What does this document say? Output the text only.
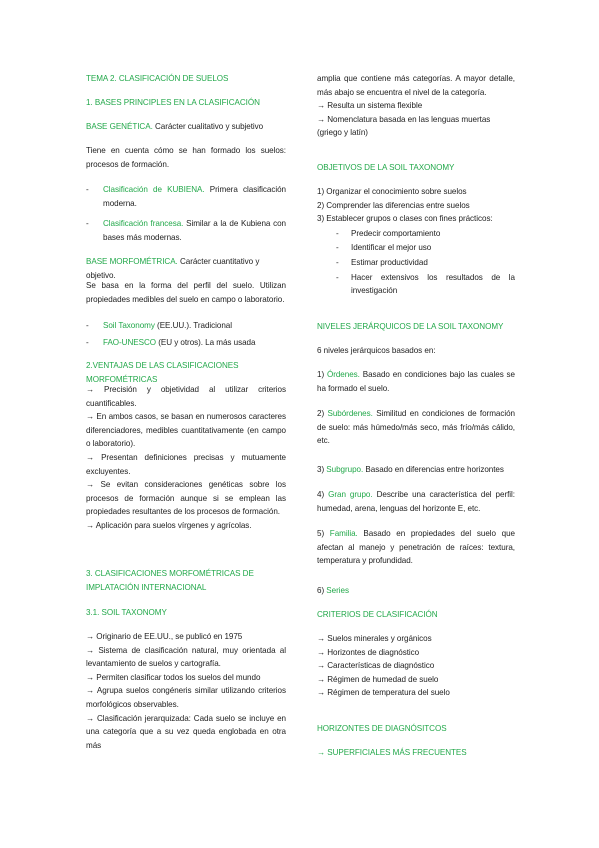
TEMA 2. CLASIFICACIÓN DE SUELOS

1. BASES PRINCIPLES EN LA CLASIFICACIÓN

BASE GENÉTICA. Carácter cualitativo y subjetivo

Tiene en cuenta cómo se han formado los suelos: procesos de formación.

- Clasificación de KUBIENA. Primera clasificación moderna.

- Clasificación francesa. Similar a la de Kubiena con bases más modernas.

BASE MORFOMÉTRICA. Carácter cuantitativo y objetivo.

Se basa en la forma del perfil del suelo. Utilizan propiedades medibles del suelo en campo o laboratorio.

- Soil Taxonomy (EE.UU.). Tradicional

- FAO-UNESCO (EU y otros). La más usada

2.VENTAJAS DE LAS CLASIFICACIONES MORFOMÉTRICAS

→ Precisión y objetividad al utilizar criterios cuantificables.

→ En ambos casos, se basan en numerosos caracteres diferenciadores, medibles cuantitativamente (en campo o laboratorio).

→ Presentan definiciones precisas y mutuamente excluyentes.

→ Se evitan consideraciones genéticas sobre los procesos de formación aunque si se emplean las propiedades resultantes de los procesos de formación.

→ Aplicación para suelos vírgenes y agrícolas.

3. CLASIFICACIONES MORFOMÉTRICAS DE IMPLATACIÓN INTERNACIONAL

3.1. SOIL TAXONOMY

→ Originario de EE.UU., se publicó en 1975

→ Sistema de clasificación natural, muy orientada al levantamiento de suelos y cartografía.

→ Permiten clasificar todos los suelos del mundo

→ Agrupa suelos congéneris similar utilizando criterios morfológicos observables.

→ Clasificación jerarquizada: Cada suelo se incluye en una categoría que a su vez queda englobada en otra más

amplia que contiene más categorías. A mayor detalle, más abajo se encuentra el nivel de la categoría.

→ Resulta un sistema flexible

→ Nomenclatura basada en las lenguas muertas (griego y latín)

OBJETIVOS DE LA SOIL TAXONOMY

1) Organizar el conocimiento sobre suelos

2) Comprender las diferencias entre suelos

3) Establecer grupos o clases con fines prácticos:

- Predecir comportamiento

- Identificar el mejor uso

- Estimar productividad

- Hacer extensivos los resultados de la investigación

NIVELES JERÁRQUICOS DE LA SOIL TAXONOMY

6 niveles jerárquicos basados en:

1) Órdenes. Basado en condiciones bajo las cuales se ha formado el suelo.

2) Subórdenes. Similitud en condiciones de formación de suelo: más húmedo/más seco, más frío/más cálido, etc.

3) Subgrupo. Basado en diferencias entre horizontes

4) Gran grupo. Describe una característica del perfil: humedad, arena, lenguas del horizonte E, etc.

5) Familia. Basado en propiedades del suelo que afectan al manejo y penetración de raíces: textura, temperatura y profundidad.

6) Series

CRITERIOS DE CLASIFICACIÓN

→ Suelos minerales y orgánicos

→ Horizontes de diagnóstico

→ Características de diagnóstico

→ Régimen de humedad de suelo

→ Régimen de temperatura del suelo

HORIZONTES DE DIAGNÓSITCOS

→ SUPERFICIALES MÁS FRECUENTES
